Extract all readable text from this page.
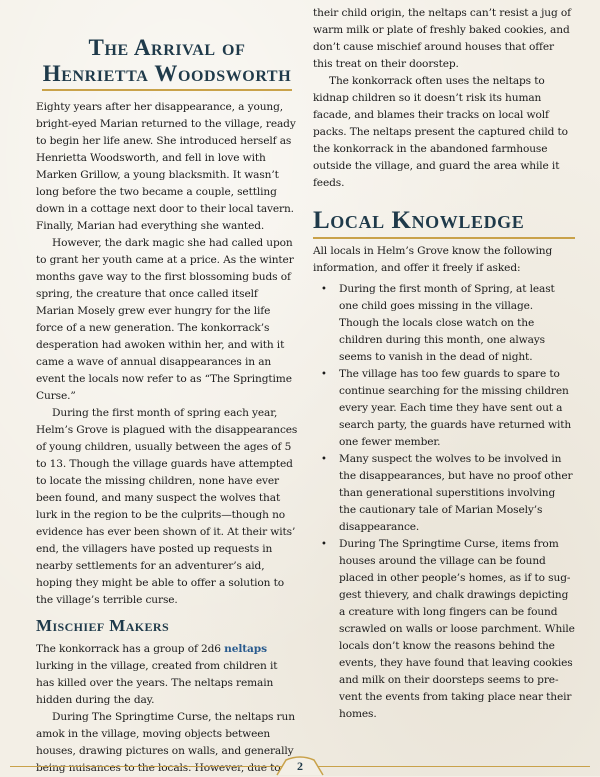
The Arrival of
Henrietta Woodsworth

Eighty years after her disappearance, a young, bright-eyed Marian returned to the village, ready to begin her life anew. She introduced herself as Henrietta Woodsworth, and fell in love with Marken Grillow, a young blacksmith. It wasn’t long before the two became a couple, settling down in a cottage next door to their local tavern. Finally, Marian had everything she wanted.

However, the dark magic she had called upon to grant her youth came at a price. As the winter months gave way to the first blossoming buds of spring, the creature that once called itself Marian Mosely grew ever hungry for the life force of a new generation. The konkorrack’s desperation had awoken within her, and with it came a wave of annual disappearances in an event the locals now refer to as “The Springtime Curse.”

During the first month of spring each year, Helm’s Grove is plagued with the disappearances of young children, usually between the ages of 5 to 13. Though the village guards have attempted to locate the missing children, none have ever been found, and many suspect the wolves that lurk in the region to be the culprits—though no evidence has ever been shown of it. At their wits’ end, the villagers have posted up requests in nearby settlements for an adventurer’s aid, hoping they might be able to offer a solution to the village’s terrible curse.

Mischief Makers

The konkorrack has a group of 2d6 neltaps lurking in the village, created from children it has killed over the years. The neltaps remain hidden during the day.

During The Springtime Curse, the neltaps run amok in the village, moving objects between houses, drawing pictures on walls, and generally being nuisances to the locals. However, due to

their child origin, the neltaps can’t resist a jug of warm milk or plate of freshly baked cookies, and don’t cause mischief around houses that offer this treat on their doorstep.

The konkorrack often uses the neltaps to kidnap children so it doesn’t risk its human facade, and blames their tracks on local wolf packs. The neltaps present the captured child to the konkorrack in the abandoned farmhouse outside the village, and guard the area while it feeds.

Local Knowledge

All locals in Helm’s Grove know the following information, and offer it freely if asked:

• During the first month of Spring, at least one child goes missing in the village. Though the locals close watch on the children during this month, one always seems to vanish in the dead of night.
• The village has too few guards to spare to continue searching for the missing children every year. Each time they have sent out a search party, the guards have returned with one fewer member.
• Many suspect the wolves to be involved in the disappearances, but have no proof other than generational superstitions involving the cautionary tale of Marian Mosely’s disappearance.
• During The Springtime Curse, items from houses around the village can be found placed in other people’s homes, as if to suggest thievery, and chalk drawings depicting a creature with long fingers can be found scrawled on walls or loose parchment. While locals don’t know the reasons behind the events, they have found that leaving cookies and milk on their doorsteps seems to prevent the events from taking place near their homes.
2
